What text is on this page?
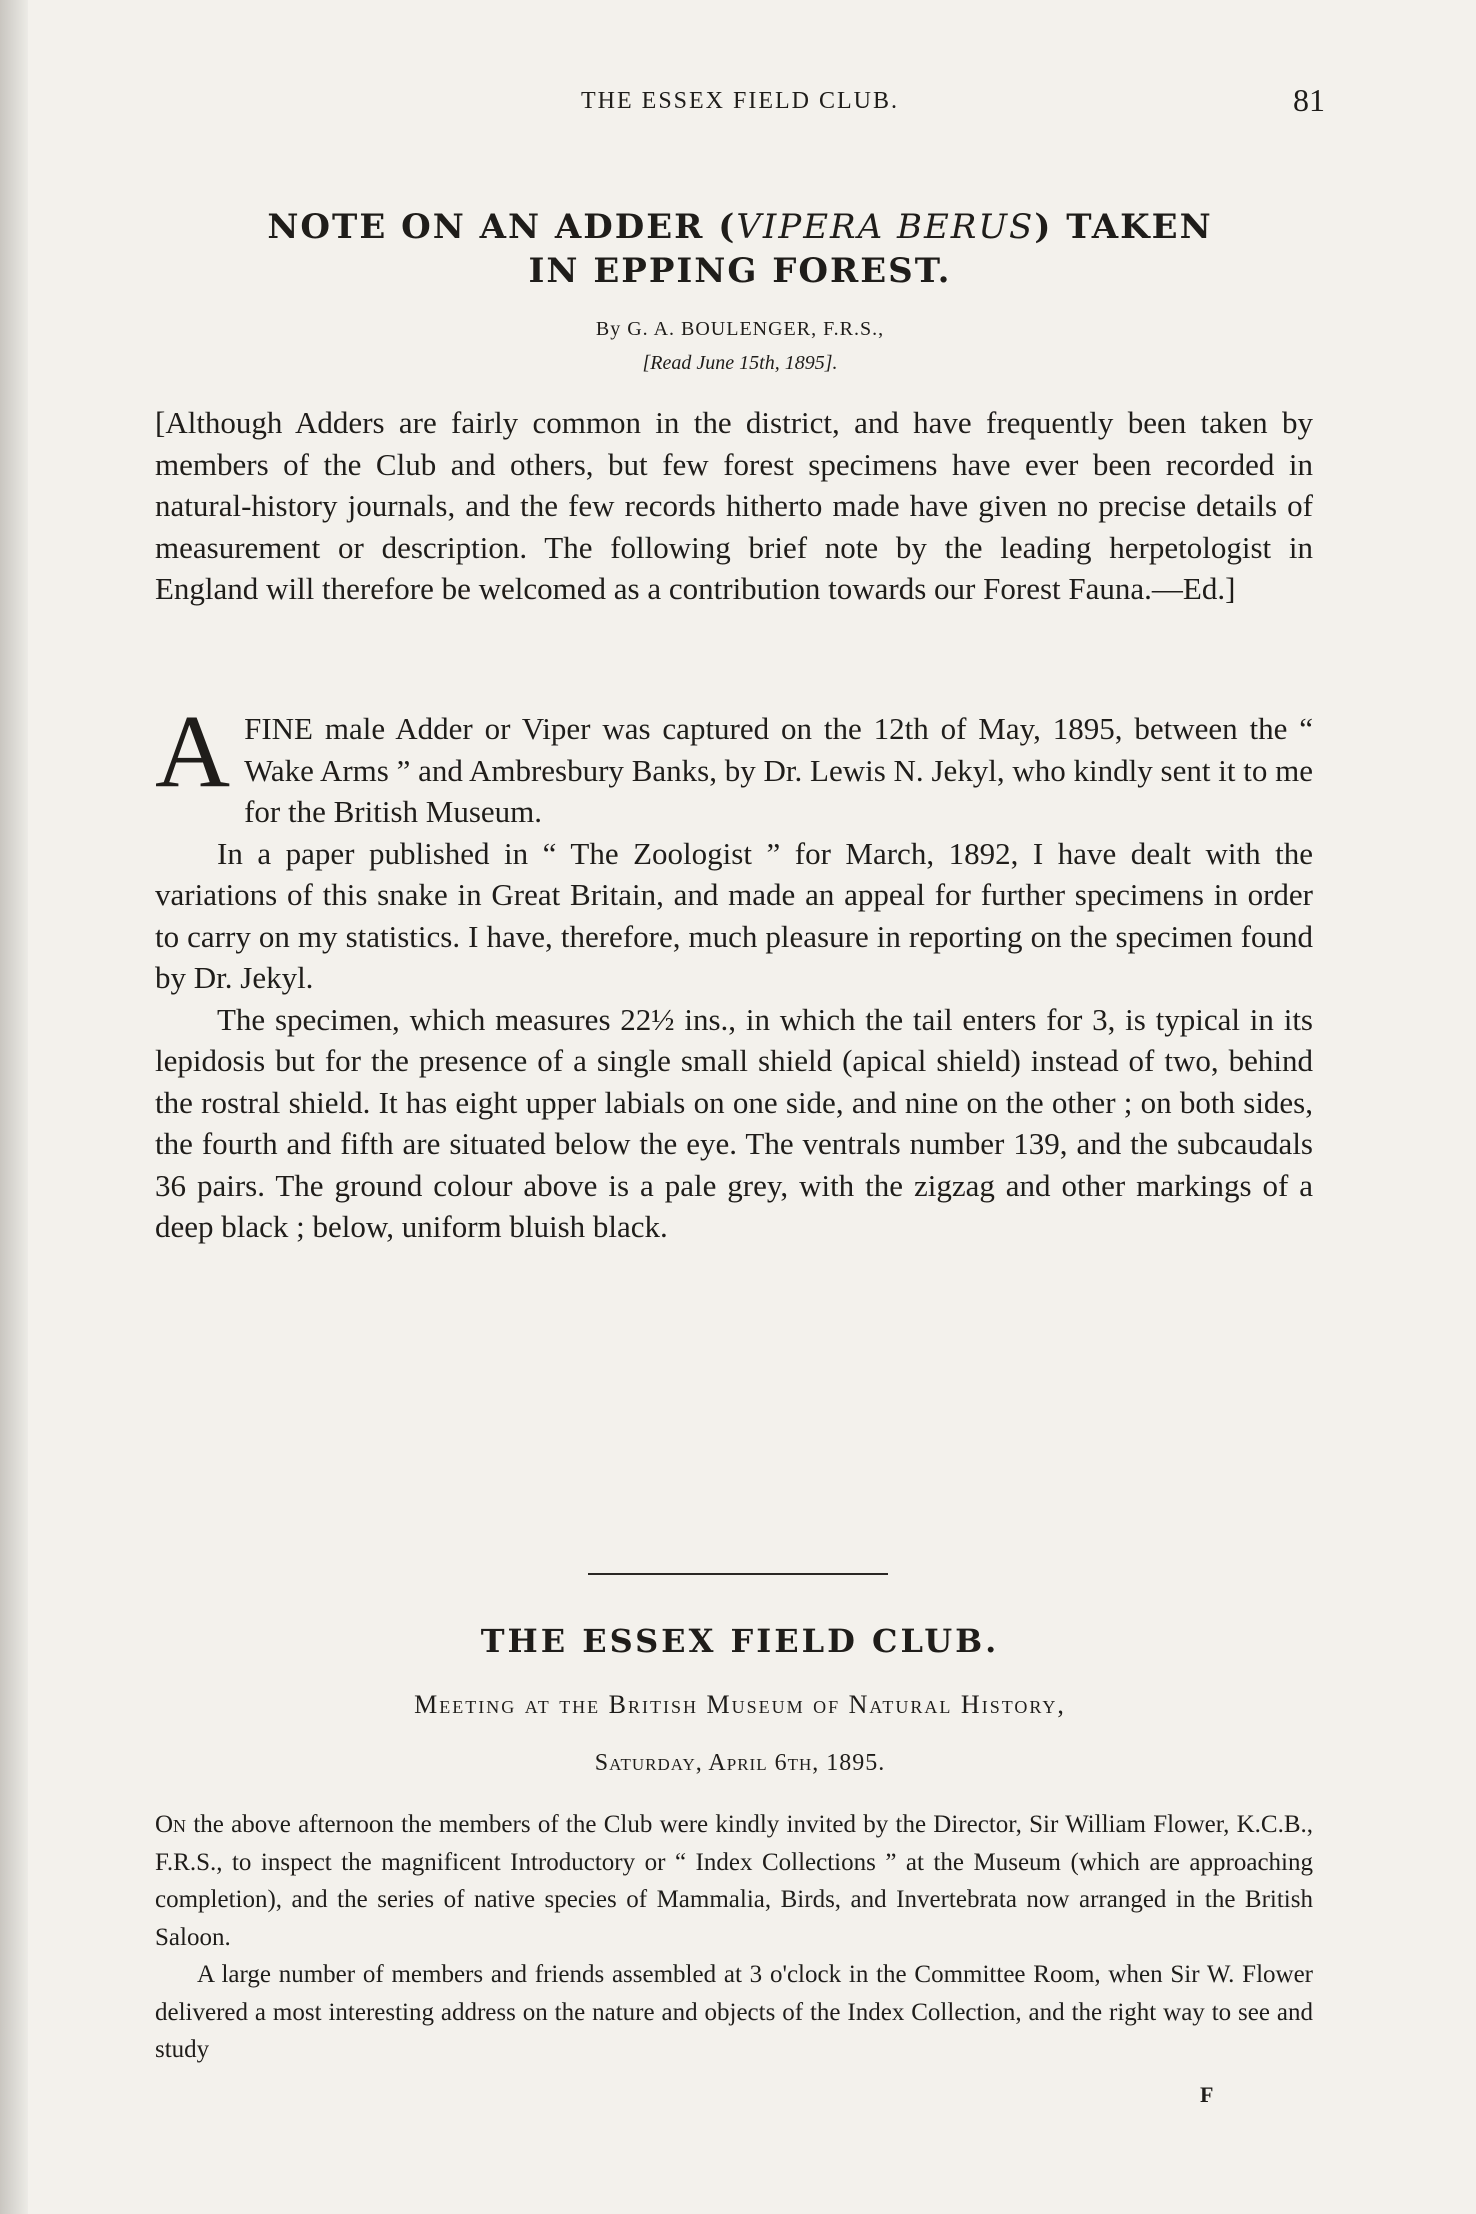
THE ESSEX FIELD CLUB.	81
NOTE ON AN ADDER (VIPERA BERUS) TAKEN
IN EPPING FOREST.
By G. A. BOULENGER, F.R.S.,
[Read June 15th, 1895].

[Although Adders are fairly common in the district, and have frequently been taken by members of the Club and others, but few forest specimens have ever been recorded in natural-history journals, and the few records hitherto made have given no precise details of measurement or description. The following brief note by the leading herpetologist in England will therefore be welcomed as a contribution towards our Forest Fauna.—Ed.]

AFINE male Adder or Viper was captured on the 12th of May, 1895, between the “ Wake Arms ” and Ambresbury Banks, by Dr. Lewis N. Jekyl, who kindly sent it to me for the British Museum.

In a paper published in “ The Zoologist ” for March, 1892, I have dealt with the variations of this snake in Great Britain, and made an appeal for further specimens in order to carry on my statistics. I have, therefore, much pleasure in reporting on the specimen found by Dr. Jekyl.

The specimen, which measures 22½ ins., in which the tail enters for 3, is typical in its lepidosis but for the presence of a single small shield (apical shield) instead of two, behind the rostral shield. It has eight upper labials on one side, and nine on the other ; on both sides, the fourth and fifth are situated below the eye. The ventrals number 139, and the subcaudals 36 pairs. The ground colour above is a pale grey, with the zigzag and other markings of a deep black ; below, uniform bluish black.

THE ESSEX FIELD CLUB.
Meeting at the British Museum of Natural History,
Saturday, April 6th, 1895.

On the above afternoon the members of the Club were kindly invited by the Director, Sir William Flower, K.C.B., F.R.S., to inspect the magnificent Introductory or “ Index Collections ” at the Museum (which are approaching completion), and the series of native species of Mammalia, Birds, and Invertebrata now arranged in the British Saloon.

A large number of members and friends assembled at 3 o'clock in the Committee Room, when Sir W. Flower delivered a most interesting address on the nature and objects of the Index Collection, and the right way to see and study

F
